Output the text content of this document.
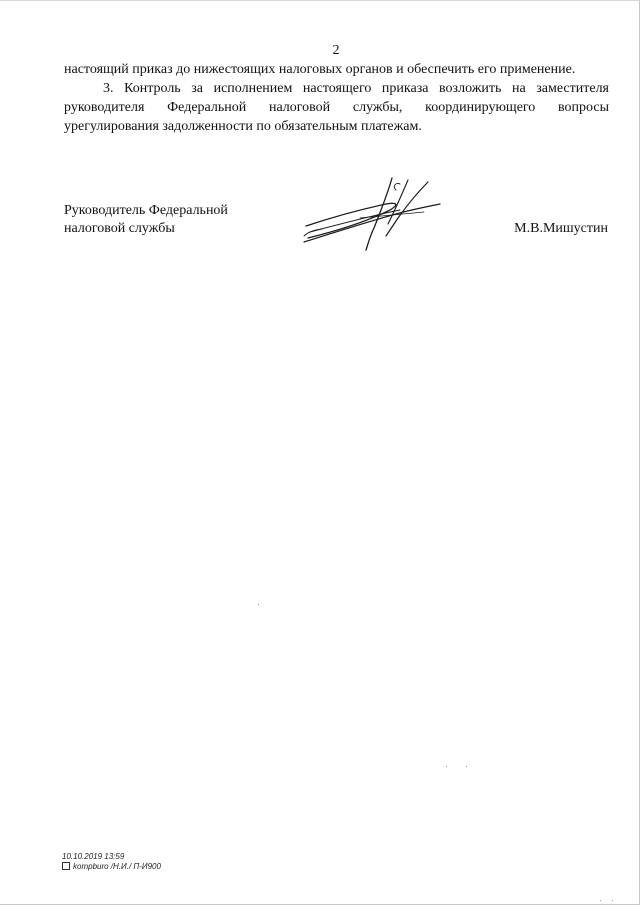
2

настоящий приказ до нижестоящих налоговых органов и обеспечить его применение.

3. Контроль за исполнением настоящего приказа возложить на заместителя руководителя Федеральной налоговой службы, координирующего вопросы урегулирования задолженности по обязательным платежам.

Руководитель Федеральной
налоговой службы	М.В.Мишустин
10.10.2019 13:59
kompburo /Н.И./ П-И900
